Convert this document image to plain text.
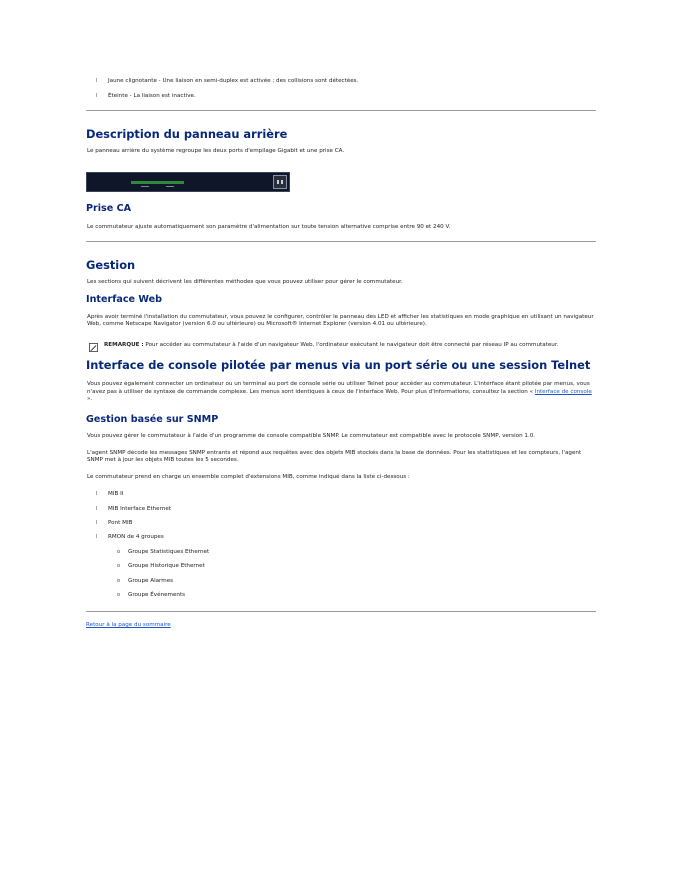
l Jaune clignotante - Une liaison en semi-duplex est activée ; des collisions sont détectées.
l Éteinte - La liaison est inactive.
Description du panneau arrière

Le panneau arrière du système regroupe les deux ports d'empilage Gigabit et une prise CA.

Prise CA

Le commutateur ajuste automatiquement son paramètre d'alimentation sur toute tension alternative comprise entre 90 et 240 V.

Gestion

Les sections qui suivent décrivent les différentes méthodes que vous pouvez utiliser pour gérer le commutateur.

Interface Web

Après avoir terminé l'installation du commutateur, vous pouvez le configurer, contrôler le panneau des LED et afficher les statistiques en mode graphique en utilisant un navigateur Web, comme Netscape Navigator (version 6.0 ou ultérieure) ou Microsoft® Internet Explorer (version 4.01 ou ultérieure).

REMARQUE : Pour accéder au commutateur à l'aide d'un navigateur Web, l'ordinateur exécutant le navigateur doit être connecté par réseau IP au commutateur.
Interface de console pilotée par menus via un port série ou une session Telnet

Vous pouvez également connecter un ordinateur ou un terminal au port de console série ou utiliser Telnet pour accéder au commutateur. L'interface étant pilotée par menus, vous n'avez pas à utiliser de syntaxe de commande complexe. Les menus sont identiques à ceux de l'interface Web. Pour plus d'informations, consultez la section « Interface de console ».

Gestion basée sur SNMP

Vous pouvez gérer le commutateur à l'aide d'un programme de console compatible SNMP. Le commutateur est compatible avec le protocole SNMP, version 1.0.

L'agent SNMP décode les messages SNMP entrants et répond aux requêtes avec des objets MIB stockés dans la base de données. Pour les statistiques et les compteurs, l'agent SNMP met à jour les objets MIB toutes les 5 secondes.

Le commutateur prend en charge un ensemble complet d'extensions MIB, comme indiqué dans la liste ci-dessous :

l MIB II
l MIB Interface Ethernet
l Pont MIB
l RMON de 4 groupes
o Groupe Statistiques Ethernet
o Groupe Historique Ethernet
o Groupe Alarmes
o Groupe Événements

Retour à la page du sommaire
